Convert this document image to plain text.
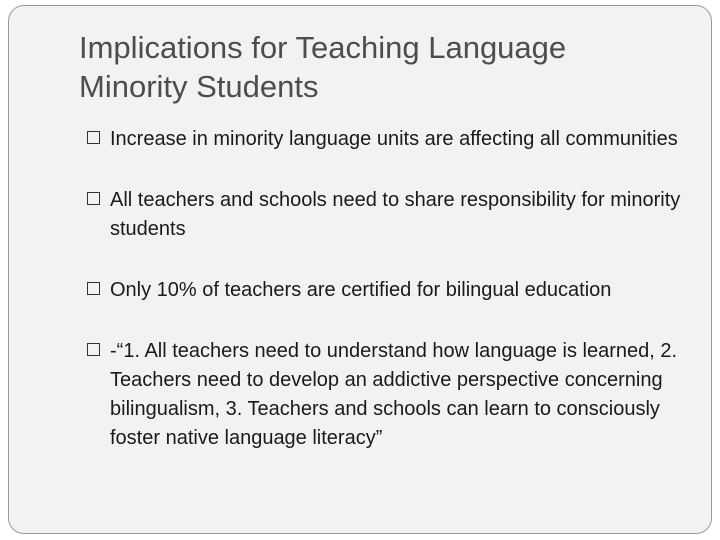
Implications for Teaching Language Minority Students
Increase in minority language units are affecting all communities
All teachers and schools need to share responsibility for minority students
Only 10% of teachers are certified for bilingual education
-“1. All teachers need to understand how language is learned, 2. Teachers need to develop an addictive perspective concerning bilingualism, 3. Teachers and schools can learn to consciously foster native language literacy”
